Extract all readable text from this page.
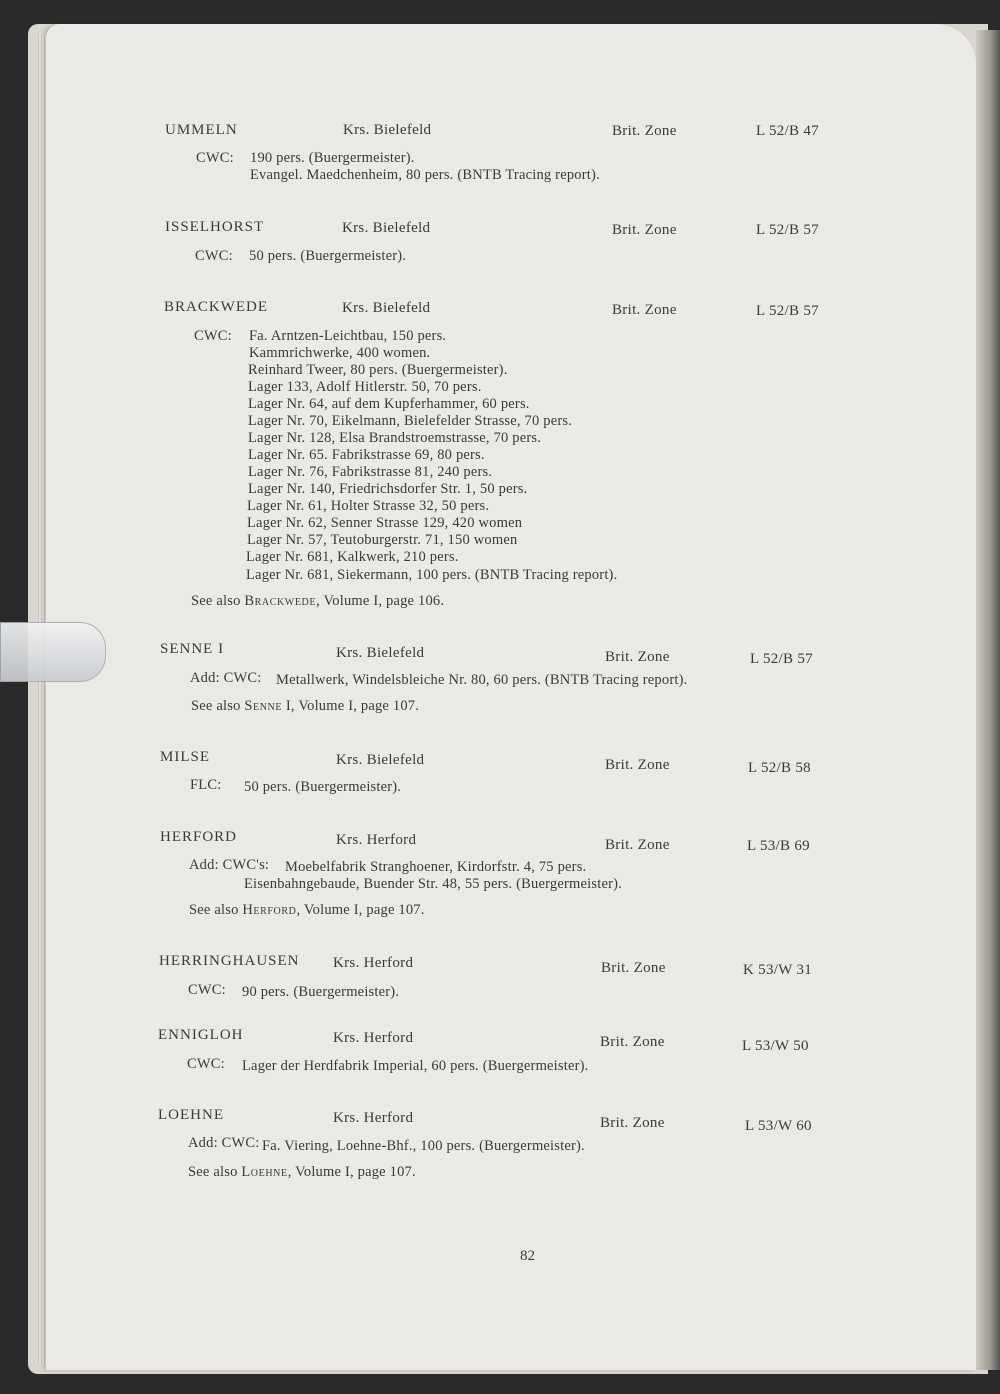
UMMELN	Krs. Bielefeld	Brit. Zone	L 52/B 47
CWC: 190 pers. (Buergermeister).
Evangel. Maedchenheim, 80 pers. (BNTB Tracing report).
ISSELHORST	Krs. Bielefeld	Brit. Zone	L 52/B 57
CWC: 50 pers. (Buergermeister).
BRACKWEDE	Krs. Bielefeld	Brit. Zone	L 52/B 57
CWC: Fa. Arntzen-Leichtbau, 150 pers.
Kammrichwerke, 400 women.
Reinhard Tweer, 80 pers. (Buergermeister).
Lager 133, Adolf Hitlerstr. 50, 70 pers.
Lager Nr. 64, auf dem Kupferhammer, 60 pers.
Lager Nr. 70, Eikelmann, Bielefelder Strasse, 70 pers.
Lager Nr. 128, Elsa Brandstroemstrasse, 70 pers.
Lager Nr. 65. Fabrikstrasse 69, 80 pers.
Lager Nr. 76, Fabrikstrasse 81, 240 pers.
Lager Nr. 140, Friedrichsdorfer Str. 1, 50 pers.
Lager Nr. 61, Holter Strasse 32, 50 pers.
Lager Nr. 62, Senner Strasse 129, 420 women
Lager Nr. 57, Teutoburgerstr. 71, 150 women
Lager Nr. 681, Kalkwerk, 210 pers.
Lager Nr. 681, Siekermann, 100 pers. (BNTB Tracing report).
See also Brackwede, Volume I, page 106.
SENNE I	Krs. Bielefeld	Brit. Zone	L 52/B 57
Add: CWC: Metallwerk, Windelsbleiche Nr. 80, 60 pers. (BNTB Tracing report).
See also Senne I, Volume I, page 107.
MILSE	Krs. Bielefeld	Brit. Zone	L 52/B 58
FLC: 50 pers. (Buergermeister).
HERFORD	Krs. Herford	Brit. Zone	L 53/B 69
Add: CWC's: Moebelfabrik Stranghoener, Kirdorfstr. 4, 75 pers.
Eisenbahngebaude, Buender Str. 48, 55 pers. (Buergermeister).
See also Herford, Volume I, page 107.
HERRINGHAUSEN Krs. Herford	Brit. Zone	K 53/W 31
CWC: 90 pers. (Buergermeister).
ENNIGLOH	Krs. Herford	Brit. Zone	L 53/W 50
CWC: Lager der Herdfabrik Imperial, 60 pers. (Buergermeister).
LOEHNE	Krs. Herford	Brit. Zone	L 53/W 60
Add: CWC: Fa. Viering, Loehne-Bhf., 100 pers. (Buergermeister).
See also Loehne, Volume I, page 107.
82
